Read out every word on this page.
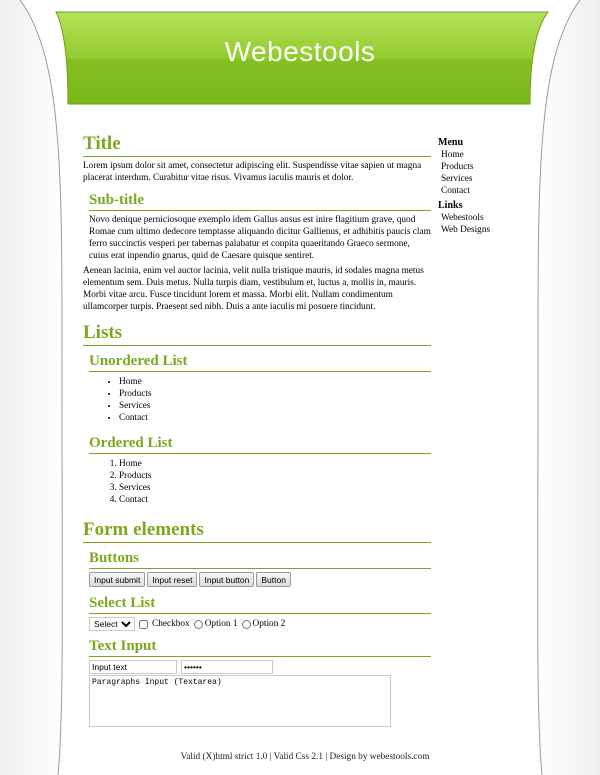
Webestools
Title

Lorem ipsum dolor sit amet, consectetur adipiscing elit. Suspendisse vitae sapien ut magna placerat interdum. Curabitur vitae risus. Vivamus iaculis mauris et dolor.

Sub-title

Novo denique perniciosoque exemplo idem Gallus ausus est inire flagitium grave, quod Romae cum ultimo dedecore temptasse aliquando dicitur Gallienus, et adhibitis paucis clam ferro succinctis vesperi per tabernas palabatur et conpita quaeritando Graeco sermone, cuius erat inpendio gnarus, quid de Caesare quisque sentiret.

Aenean lacinia, enim vel auctor lacinia, velit nulla tristique mauris, id sodales magna metus elementum sem. Duis metus. Nulla turpis diam, vestibulum et, luctus a, mollis in, mauris. Morbi vitae arcu. Fusce tincidunt lorem et massa. Morbi elit. Nullam condimentum ullamcorper turpis. Praesent sed nibh. Duis a ante iaculis mi posuere tincidunt.

Lists
Unordered List
• Home
• Products
• Services
• Contact
Ordered List
1. Home
2. Products
3. Services
4. Contact
Form elements
Buttons
Input submit	Input reset	Input button	Button
Select List
Select
Checkbox Option 1 Option 2
Text Input
Input text
••••••
Paragraphs Input (Textarea)
Menu
Home
Products
Services
Contact
Links
Webestools
Web Designs
Valid (X)html strict 1.0 | Valid Css 2.1 | Design by webestools.com
